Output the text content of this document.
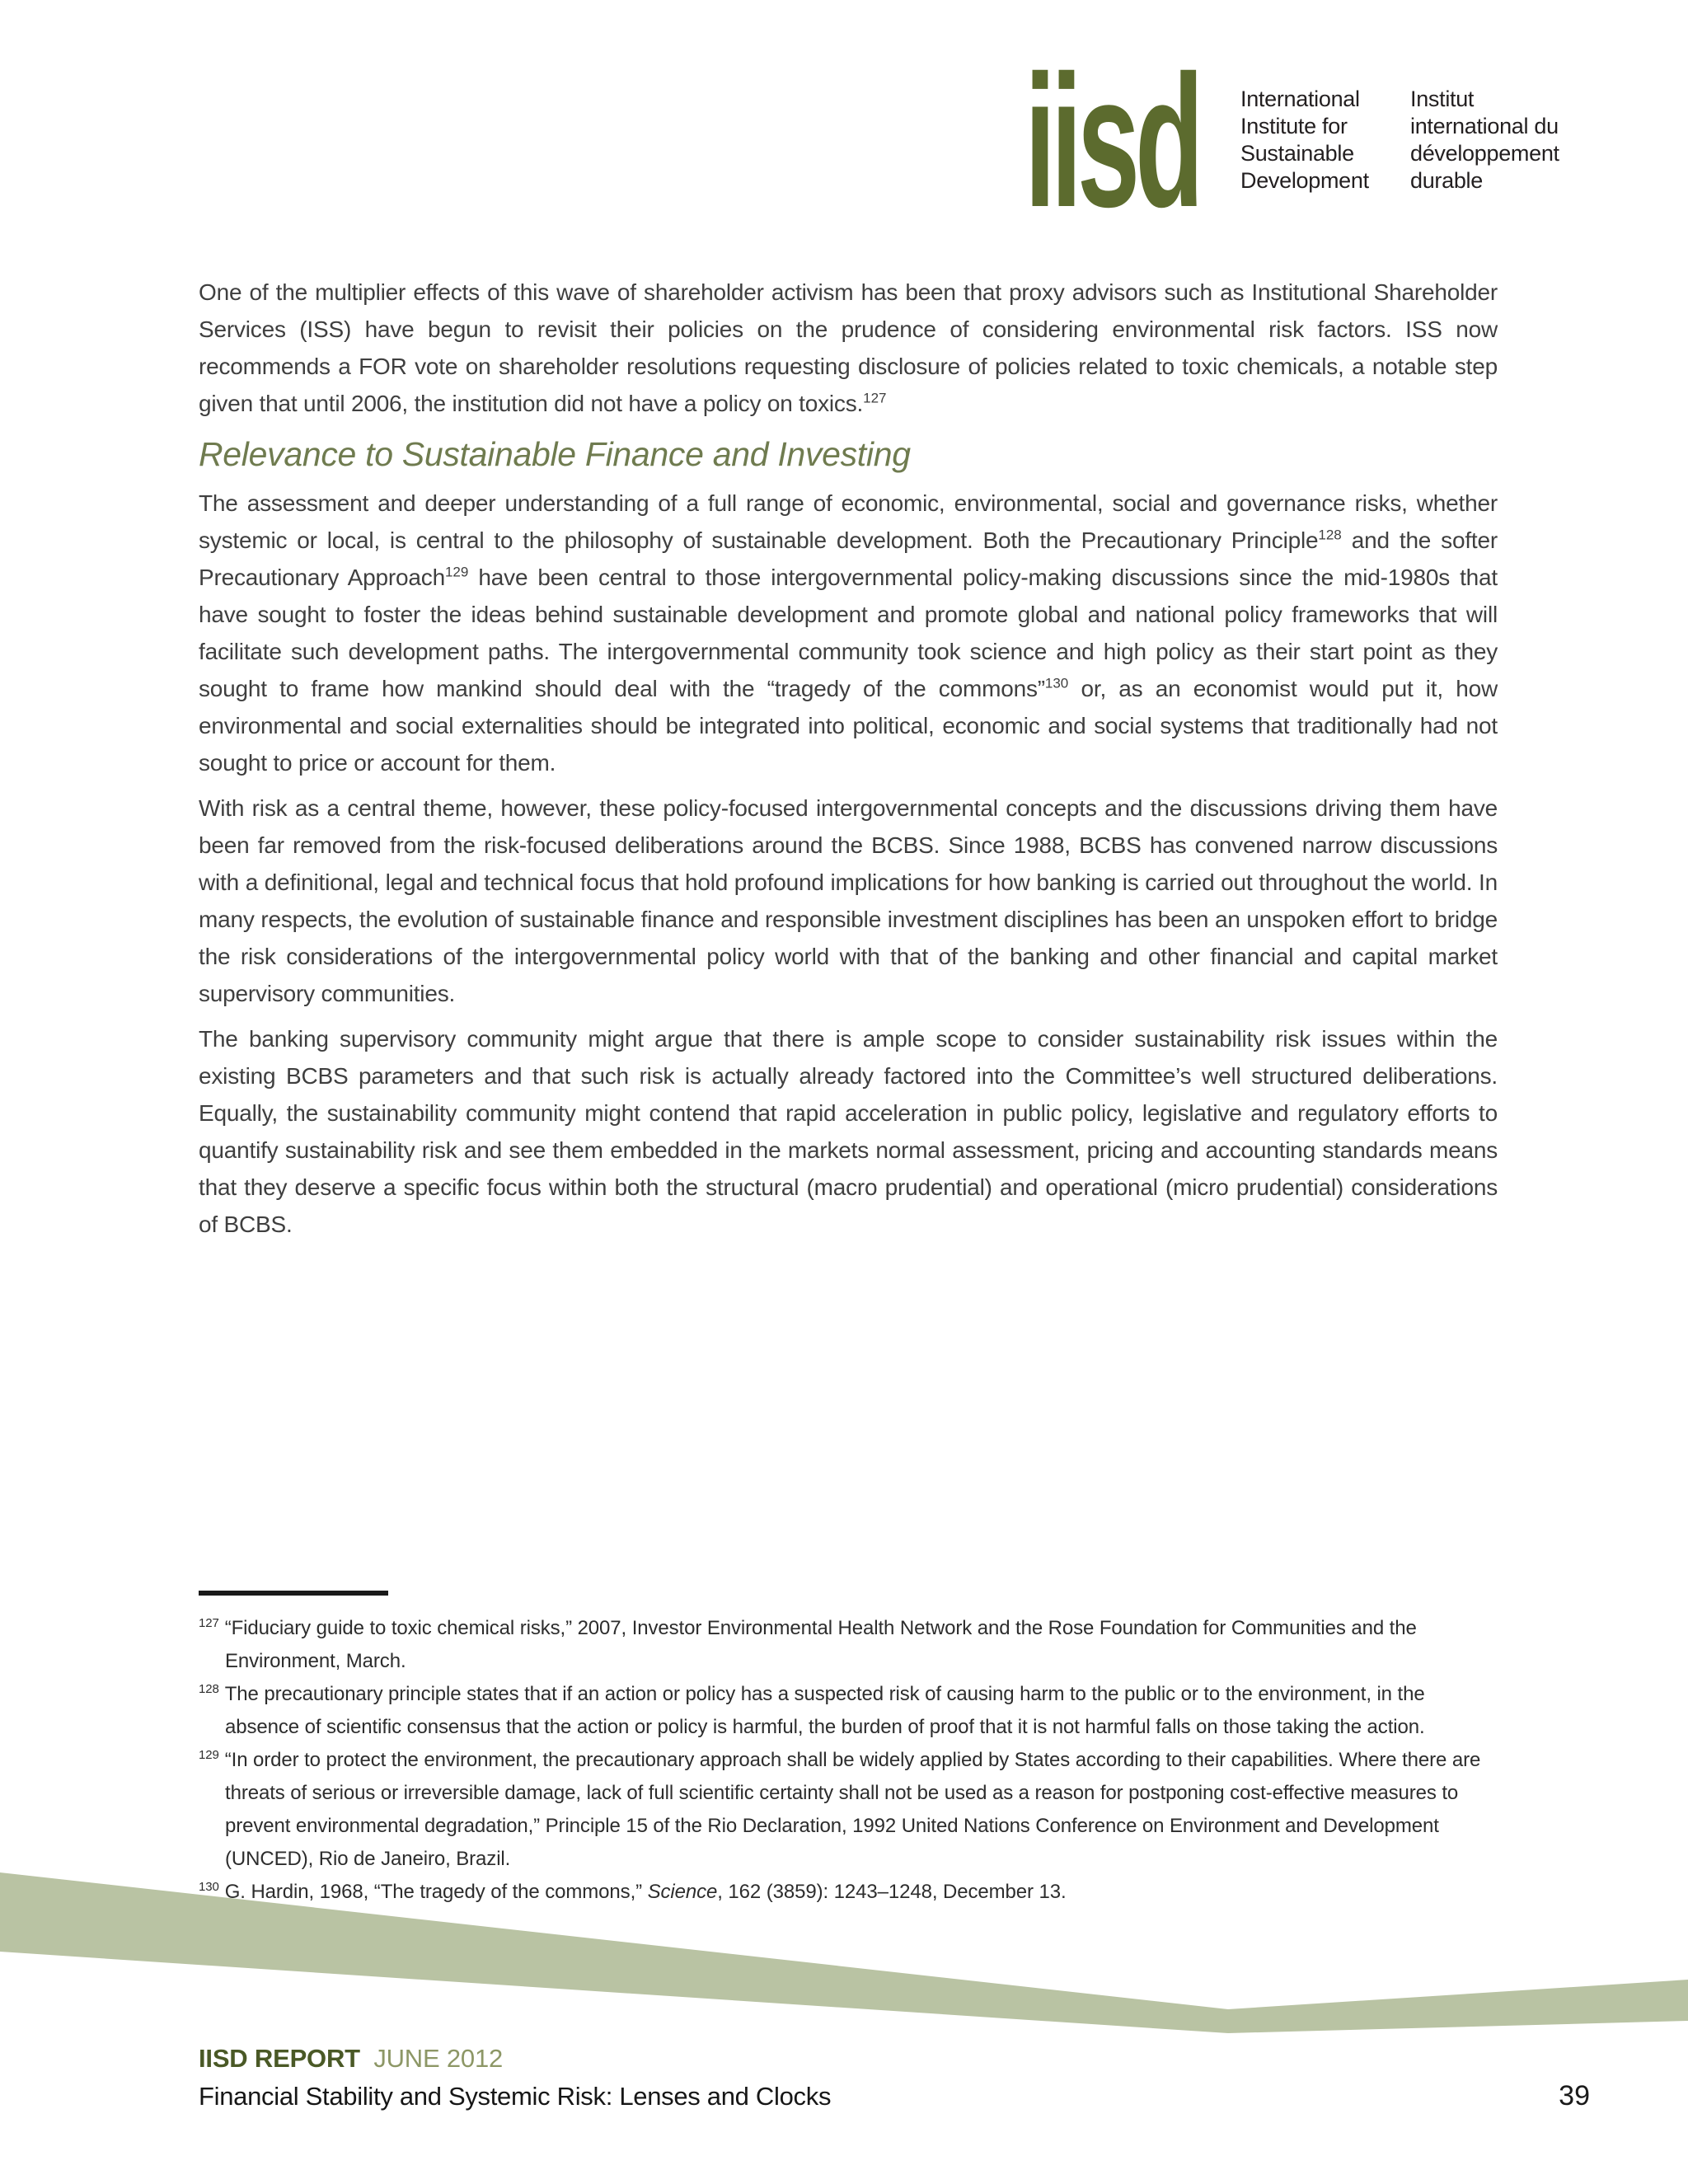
iisd International
Institute for
Sustainable
Development
Institut
international du
développement
durable

One of the multiplier effects of this wave of shareholder activism has been that proxy advisors such as Institutional Shareholder Services (ISS) have begun to revisit their policies on the prudence of considering environmental risk factors. ISS now recommends a FOR vote on shareholder resolutions requesting disclosure of policies related to toxic chemicals, a notable step given that until 2006, the institution did not have a policy on toxics.$^{127}$

Relevance to Sustainable Finance and Investing

The assessment and deeper understanding of a full range of economic, environmental, social and governance risks, whether systemic or local, is central to the philosophy of sustainable development. Both the Precautionary Principle$^{128}$ and the softer Precautionary Approach$^{129}$ have been central to those intergovernmental policy-making discussions since the mid-1980s that have sought to foster the ideas behind sustainable development and promote global and national policy frameworks that will facilitate such development paths. The intergovernmental community took science and high policy as their start point as they sought to frame how mankind should deal with the “tragedy of the commons”$^{130}$ or, as an economist would put it, how environmental and social externalities should be integrated into political, economic and social systems that traditionally had not sought to price or account for them.

With risk as a central theme, however, these policy-focused intergovernmental concepts and the discussions driving them have been far removed from the risk-focused deliberations around the BCBS. Since 1988, BCBS has convened narrow discussions with a definitional, legal and technical focus that hold profound implications for how banking is carried out throughout the world. In many respects, the evolution of sustainable finance and responsible investment disciplines has been an unspoken effort to bridge the risk considerations of the intergovernmental policy world with that of the banking and other financial and capital market supervisory communities.

The banking supervisory community might argue that there is ample scope to consider sustainability risk issues within the existing BCBS parameters and that such risk is actually already factored into the Committee’s well structured deliberations. Equally, the sustainability community might contend that rapid acceleration in public policy, legislative and regulatory efforts to quantify sustainability risk and see them embedded in the markets normal assessment, pricing and accounting standards means that they deserve a specific focus within both the structural (macro prudential) and operational (micro prudential) considerations of BCBS.

$^{127}$ “Fiduciary guide to toxic chemical risks,” 2007, Investor Environmental Health Network and the Rose Foundation for Communities and the Environment, March.
$^{128}$ The precautionary principle states that if an action or policy has a suspected risk of causing harm to the public or to the environment, in the absence of scientific consensus that the action or policy is harmful, the burden of proof that it is not harmful falls on those taking the action.
$^{129}$ “In order to protect the environment, the precautionary approach shall be widely applied by States according to their capabilities. Where there are threats of serious or irreversible damage, lack of full scientific certainty shall not be used as a reason for postponing cost-effective measures to prevent environmental degradation,” Principle 15 of the Rio Declaration, 1992 United Nations Conference on Environment and Development (UNCED), Rio de Janeiro, Brazil.
$^{130}$ G. Hardin, 1968, “The tragedy of the commons,” Science, 162 (3859): 1243–1248, December 13.
IISD REPORT JUNE 2012
Financial Stability and Systemic Risk: Lenses and Clocks	39
